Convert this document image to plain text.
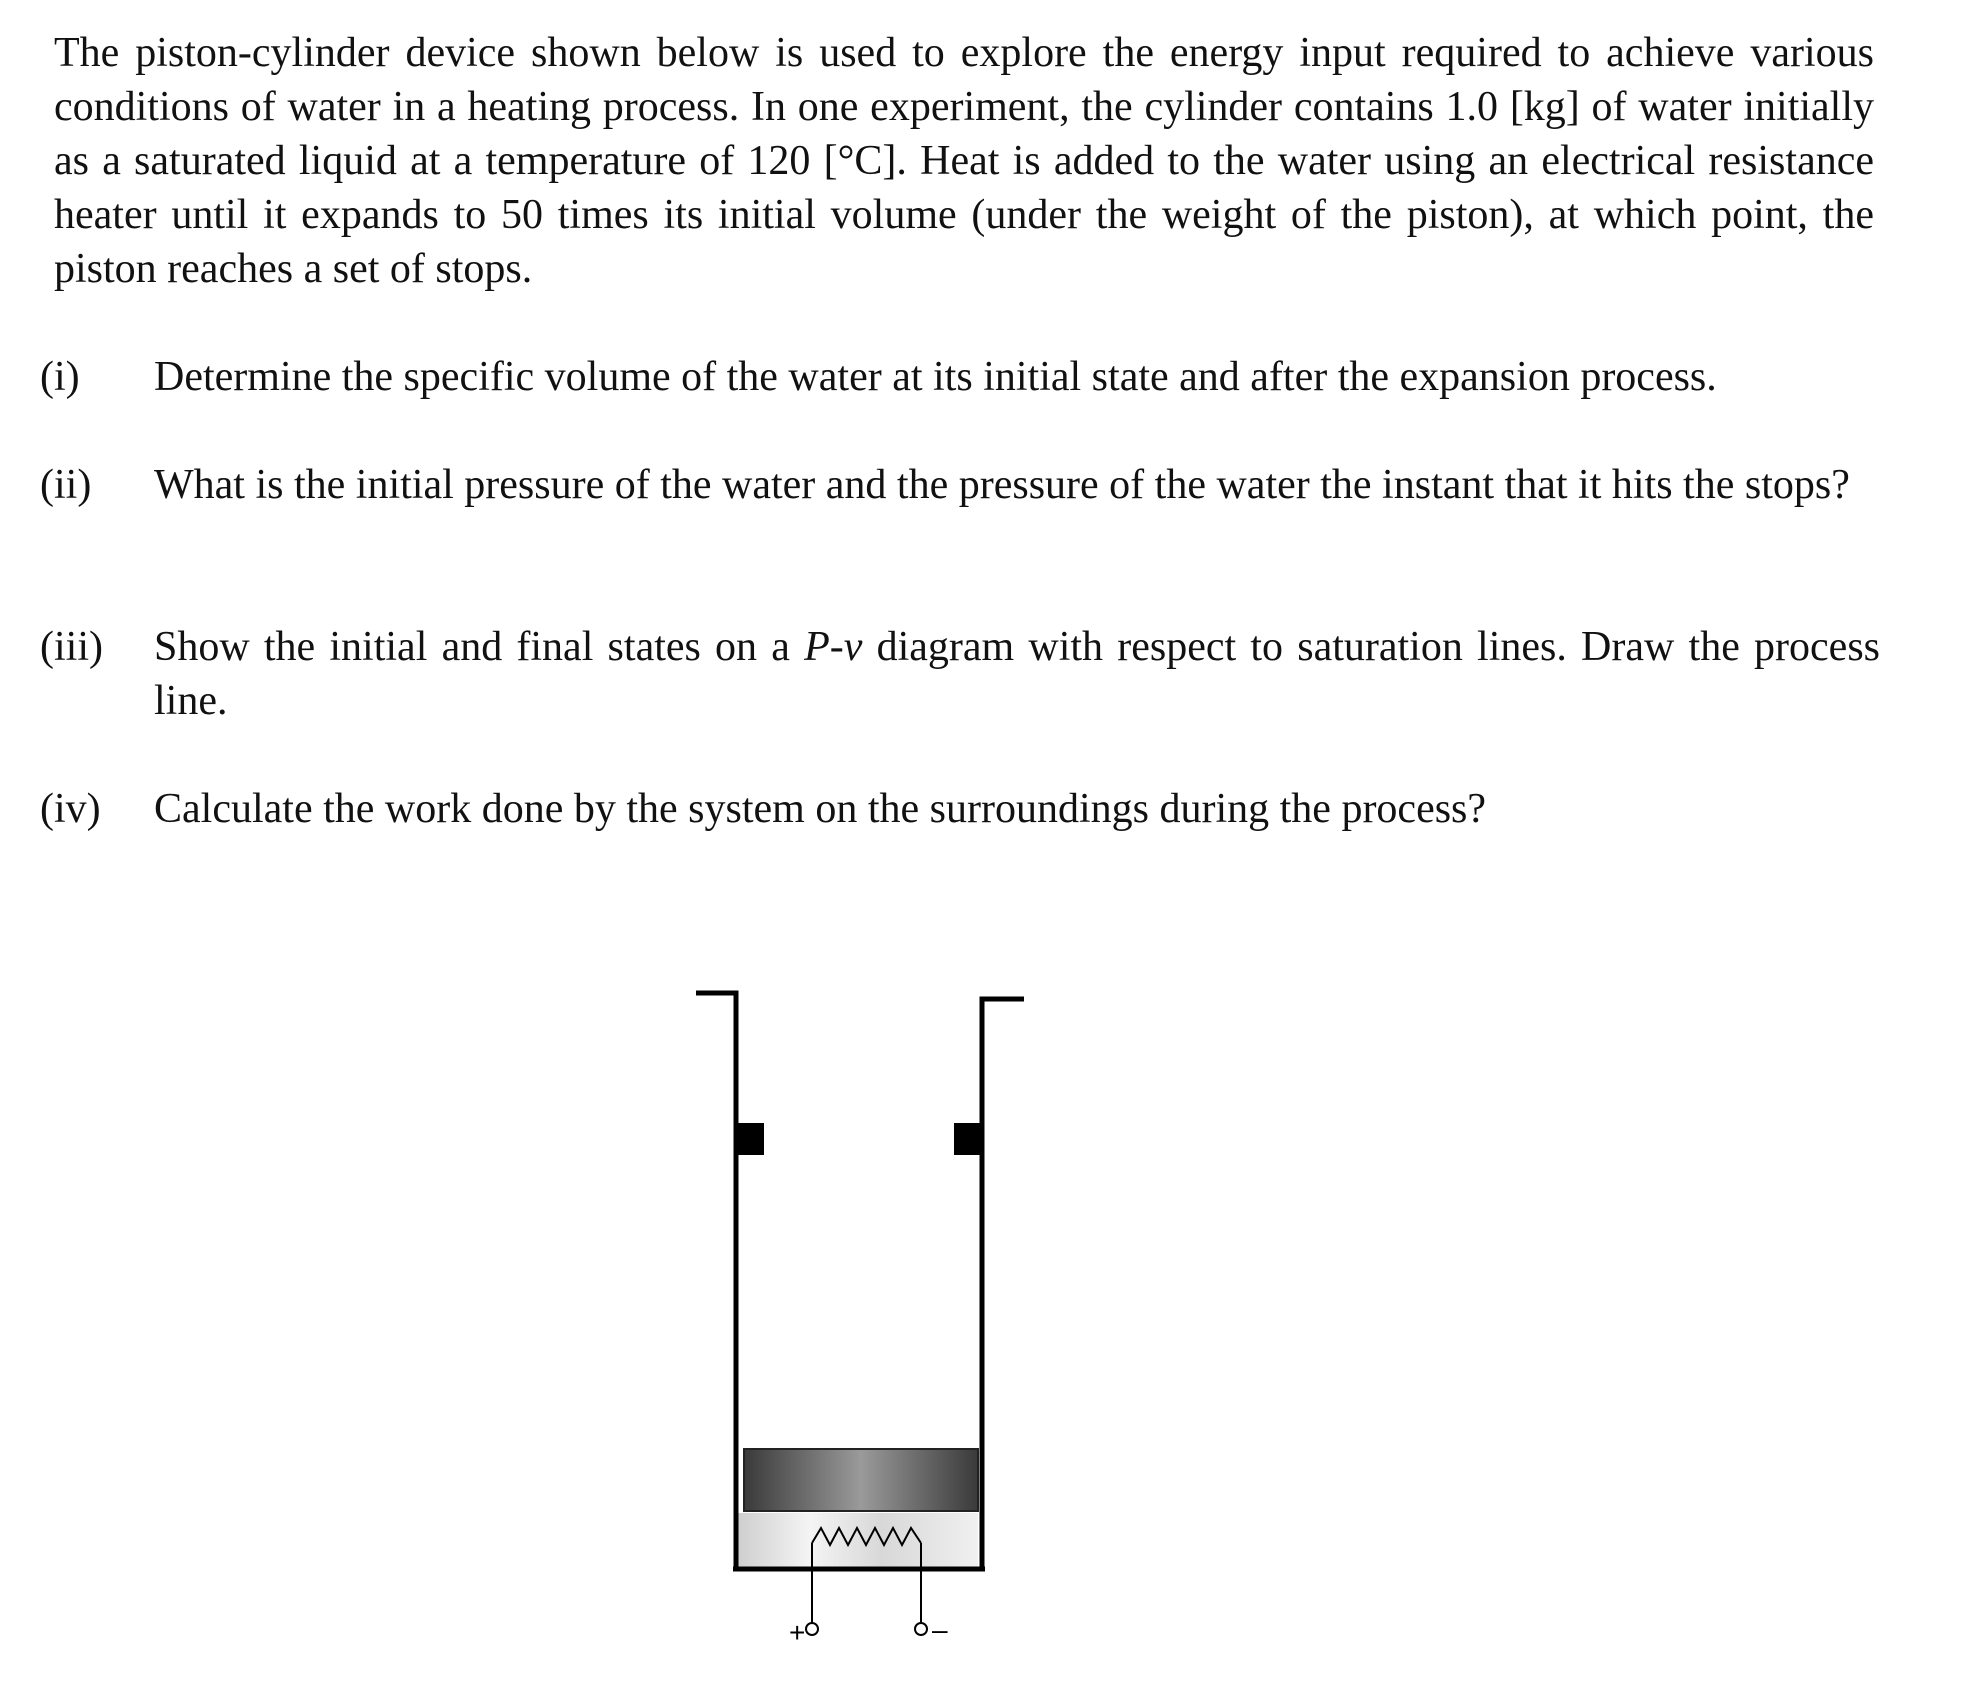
The piston-cylinder device shown below is used to explore the energy input required to achieve various conditions of water in a heating process. In one experiment, the cylinder contains 1.0 [kg] of water initially as a saturated liquid at a temperature of 120 [°C]. Heat is added to the water using an electrical resistance heater until it expands to 50 times its initial volume (under the weight of the piston), at which point, the piston reaches a set of stops.

(i) Determine the specific volume of the water at its initial state and after the expansion process.
(ii) What is the initial pressure of the water and the pressure of the water the instant that it hits the stops?
(iii) Show the initial and final states on a P-v diagram with respect to saturation lines. Draw the process line.
(iv) Calculate the work done by the system on the surroundings during the process?
+	–
